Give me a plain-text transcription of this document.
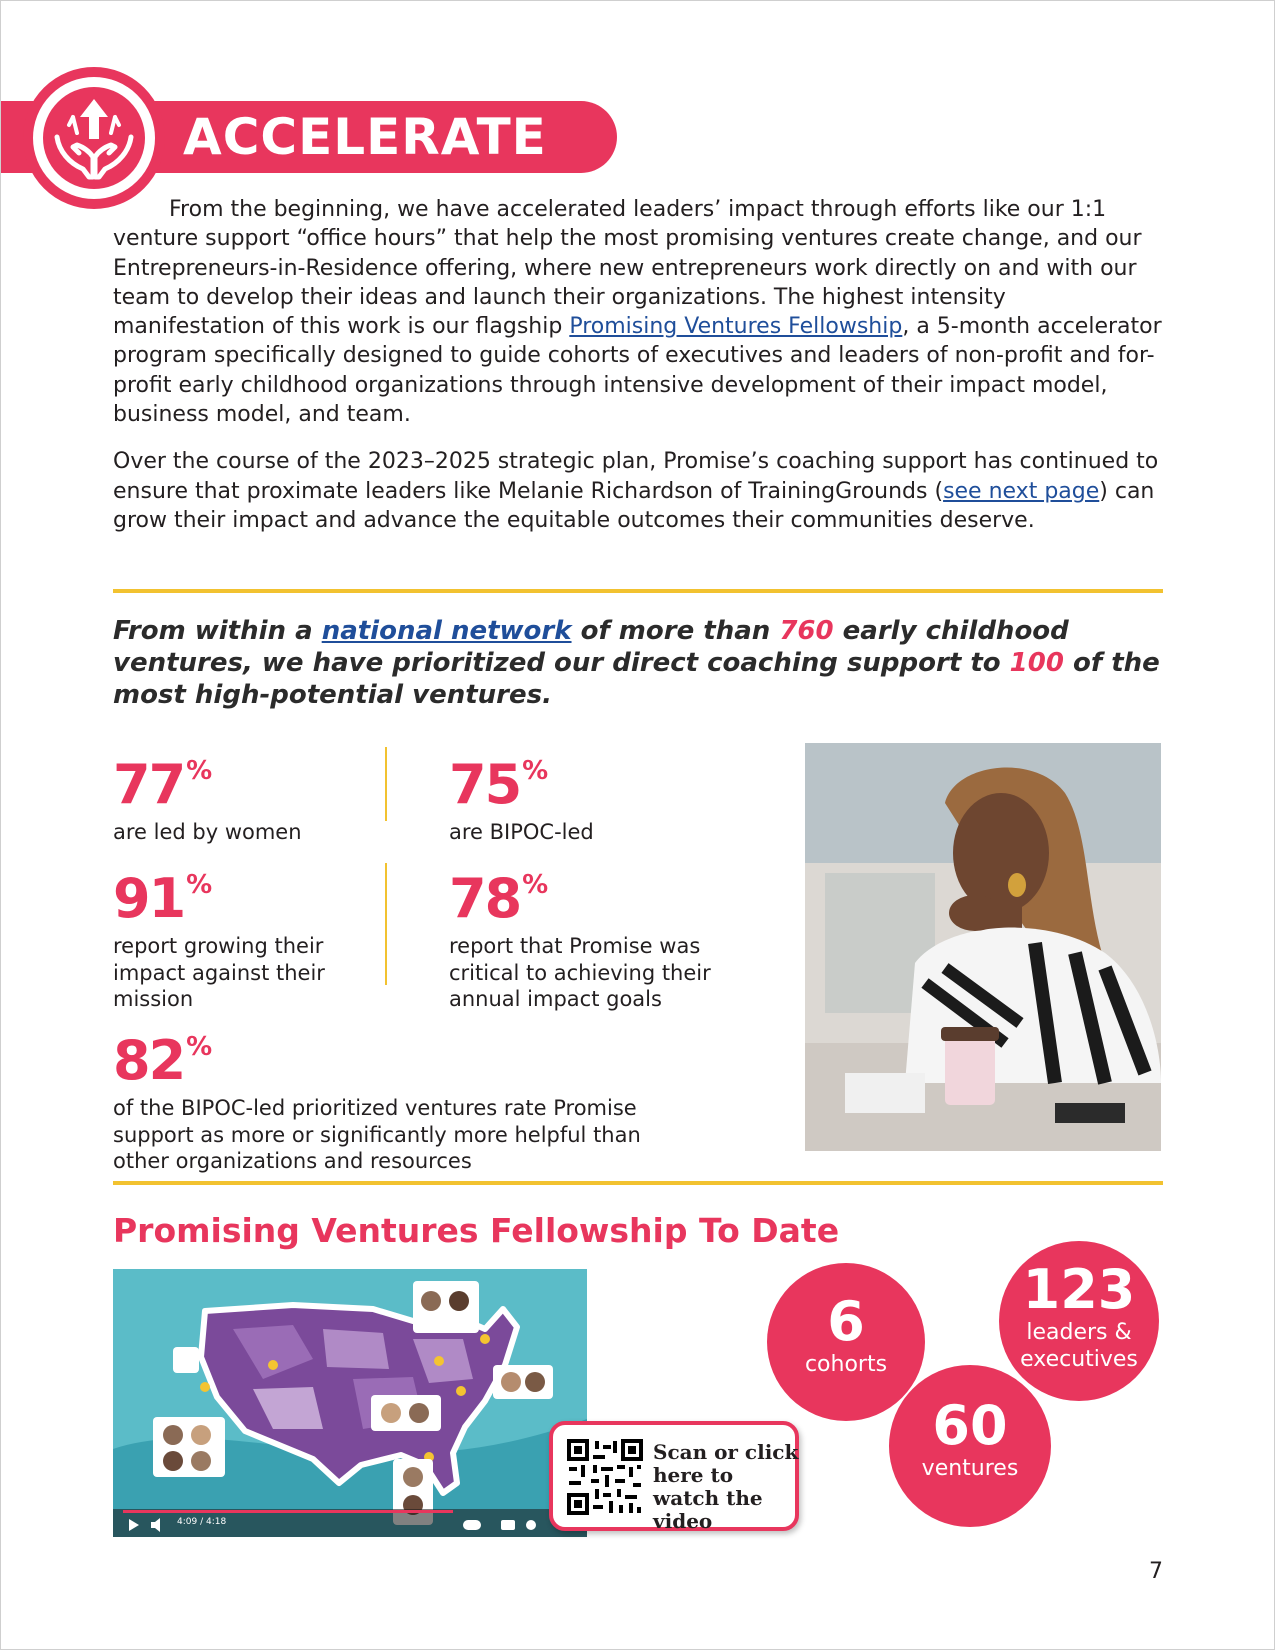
ACCELERATE

From the beginning, we have accelerated leaders’ impact through efforts like our 1:1 venture support “office hours” that help the most promising ventures create change, and our Entrepreneurs-in-Residence offering, where new entrepreneurs work directly on and with our team to develop their ideas and launch their organizations. The highest intensity manifestation of this work is our flagship Promising Ventures Fellowship, a 5-month accelerator program specifically designed to guide cohorts of executives and leaders of non-profit and for-profit early childhood organizations through intensive development of their impact model, business model, and team.

Over the course of the 2023–2025 strategic plan, Promise’s coaching support has continued to ensure that proximate leaders like Melanie Richardson of TrainingGrounds (see next page) can grow their impact and advance the equitable outcomes their communities deserve.

From within a national network of more than 760 early childhood ventures, we have prioritized our direct coaching support to 100 of the most high-potential ventures.
77%
are led by women
75%
are BIPOC-led
91%
report growing their impact against their mission
78%
report that Promise was critical to achieving their annual impact goals
82%
of the BIPOC-led prioritized ventures rate Promise support as more or significantly more helpful than other organizations and resources
Promising Ventures Fellowship To Date
4:09 / 4:18
Scan or click here to watch the video
6
cohorts
123
leaders & executives
60
ventures
7
